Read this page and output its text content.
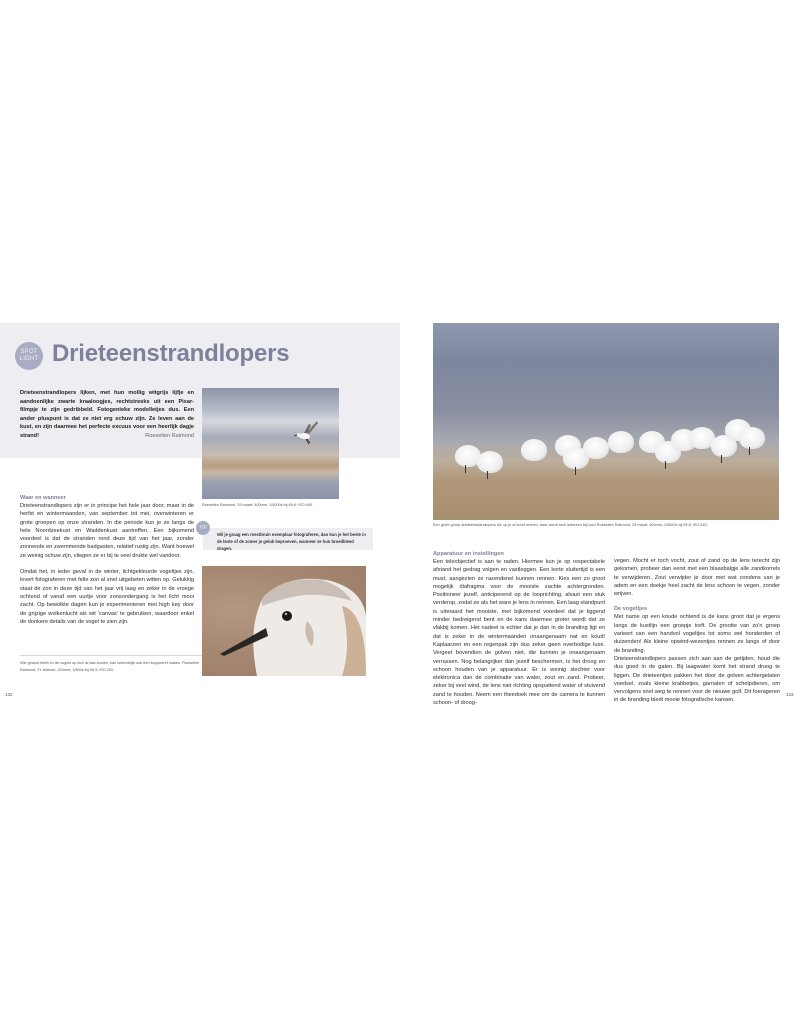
SPOT
LIGHT Drieteenstrandlopers
Drieteenstrandlopers lijken, met hun mollig witgrijs lijfje en aandoenlijke zwarte kraaloogjes, rechtstreeks uit een Pixar-filmpje te zijn gedribbeld. Fotogenieke modelletjes dus. Een ander pluspunt is dat ze niet erg schuw zijn. Ze leven aan de kust, en zijn daarmee het perfecte excuus voor een heerlijk dagje strand!	Roeselien Raimond
Roeselien Raimond, 29 maart; 400mm; 1/4000s bij f/5.6; ISO 640.
Wil je graag een roestbruin exemplaar fotograferen, dan kun je het beste in de lente of de zomer je geluk beproeven, wanneer ze hun broedkleed dragen.
TIP
Waar en wanneer

Drieteenstrandlopers zijn er in principe het hele jaar door, maar in de herfst en wintermaanden, van september tot mei, overwinteren er grote groepen op onze stranden. In die periode kun je ze langs de hele Noordzeekust en Waddenkust aantreffen. Een bijkomend voordeel is dat de stranden rond deze tijd van het jaar, zonder zonnende en zwemmende badgasten, relatief rustig zijn. Want hoewel ze weinig schuw zijn, vliegen ze er bij te veel drukte wel vandoor.

Omdat het, in ieder geval in de winter, lichtgekleurde vogeltjes zijn, levert fotograferen met felle zon al snel uitgebeten witten op. Gelukkig staat de zon in deze tijd van het jaar vrij laag en zeker in de vroege ochtend of vanaf een uurtje voor zonsondergang is het licht mooi zacht. Op bewolkte dagen kun je experimenteren met high key door de grijzige wolkenlucht als wit 'canvas' te gebruiken, waardoor enkel de donkere details van de vogel te zien zijn.

Wie geduld heeft en de vogels op zich af laat komen, kan uiteindelijk ook een kopportret maken. Roeselien Raimond, 21 februari; 420mm; 1/800s bij f/6.3; ISO 200.
132
Een grote groep drieteenstrandlopers die op je af komt rennen, daar wordt toch iedereen blij van! Roeselien Raimond, 29 maart; 400mm; 1/5000s bij f/5.6; ISO 640.
Apparatuur en instellingen

Een teleobjectief is aan te raden. Hiermee kun je op respectabele afstand het gedrag volgen en vastleggen. Een korte sluitertijd is een must, aangezien ze razendsnel kunnen rennen. Kies een zo groot mogelijk diafragma voor de mooiste zachte achtergronden. Positioneer jezelf, anticiperend op de looprichting, alvast een stuk verderop, zodat ze als het ware je lens in rennen. Een laag standpunt is uiteraard het mooiste, met bijkomend voordeel dat je liggend minder bedreigend bent en de kans daarmee groter wordt dat ze vlakbij komen. Het nadeel is echter dat je dan in de branding ligt en dat is zeker in de wintermaanden onaangenaam nat en koud! Kaplaarzen en een regenpak zijn dus zeker geen overbodige luxe. Vergeet bovendien de golven niet, die kunnen je onaangenaam verrassen. Nog belangrijker dan jezelf beschermen, is het droog en schoon houden van je apparatuur. Er is weinig slechter voor elektronica dan de combinatie van water, zout en zand. Probeer, zeker bij veel wind, de lens niet richting opspattend water of stuivend zand te houden. Neem een theedoek mee om de camera te kunnen schoon- of droog-

vegen. Mocht er toch vocht, zout of zand op de lens terecht zijn gekomen, probeer dan eerst met een blaasbalgje alle zandkorrels te verwijderen. Zout verwijder je door met wat condens van je adem en een doekje heel zacht de lens schoon te vegen, zonder wrijven.

De vogeltjes

Met name op een koude ochtend is de kans groot dat je ergens langs de kustlijn een groepje treft. De grootte van zo'n groep varieert van een handvol vogeltjes tot soms wel honderden of duizenden! Als kleine opwind-wezentjes rennen ze langs of door de branding.

Drieteenstrandlopers passen zich aan aan de getijden, houd die dus goed in de gaten. Bij laagwater komt het strand droog te liggen. De drieteentjes pakken het door de golven achtergelaten voedsel, zoals kleine krabbetjes, garnalen of schelpdieren, om vervolgens snel weg te rennen voor de nieuwe golf. Dit foerageren in de branding biedt mooie fotografische kansen.

133
